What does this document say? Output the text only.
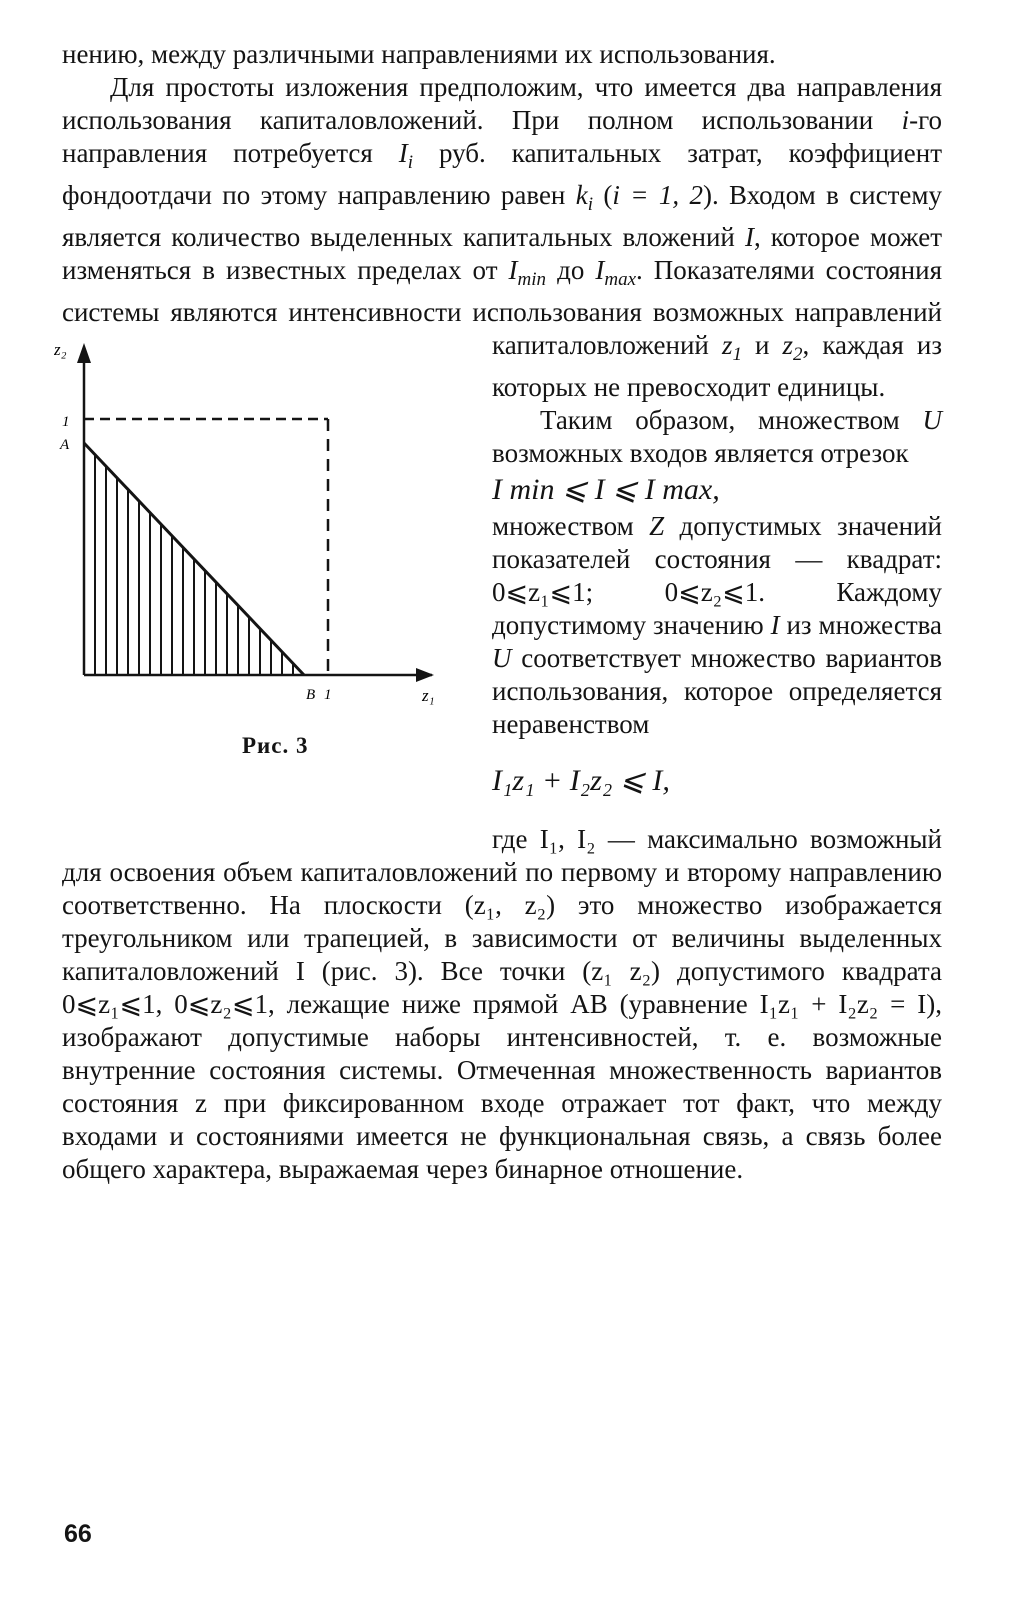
нению, между различными направлениями их использования.

Для простоты изложения предположим, что имеется два направления использования капиталовложений. При полном использовании i-го направления потребуется $I_i$ руб. капитальных затрат, коэффициент фондоотдачи по этому направлению равен $k_i$ (i = 1, 2). Входом в систему является количество выделенных капитальных вложений I, которое может изменяться в известных пределах от $I_{min}$ до $I_{max}$. Показателями состояния системы являются интенсивности использования возможных направлений капиталовложений
z₂
1
A
B 1	z₁
Рис. 3
$z_1$ и $z_2$, каждая из которых не превосходит единицы.

Таким образом, множеством U возможных входов является отрезок

I min ⩽ I ⩽ I max,

множеством Z допустимых значений показателей состояния — квадрат: 0⩽z₁⩽1; 0⩽z₂⩽1. Каждому допустимому значению I из множества U соответствует множество вариантов использования, которое определяется неравенством

I₁z₁ + I₂z₂ ⩽ I,

где I₁, I₂ — максимально возможный для освоения объем капиталовложений по первому и второму направлению соответственно. На плоскости (z₁, z₂) это множество изображается треугольником или трапецией, в зависимости от величины выделенных капиталовложений I (рис. 3). Все точки (z₁ z₂) допустимого квадрата 0⩽z₁⩽1, 0⩽z₂⩽1, лежащие ниже прямой AB (уравнение I₁z₁ + I₂z₂ = I), изображают допустимые наборы интенсивностей, т. е. возможные внутренние состояния системы. Отмеченная множественность вариантов состояния z при фиксированном входе отражает тот факт, что между входами и состояниями имеется не функциональная связь, а связь более общего характера, выражаемая через бинарное отношение.

66
